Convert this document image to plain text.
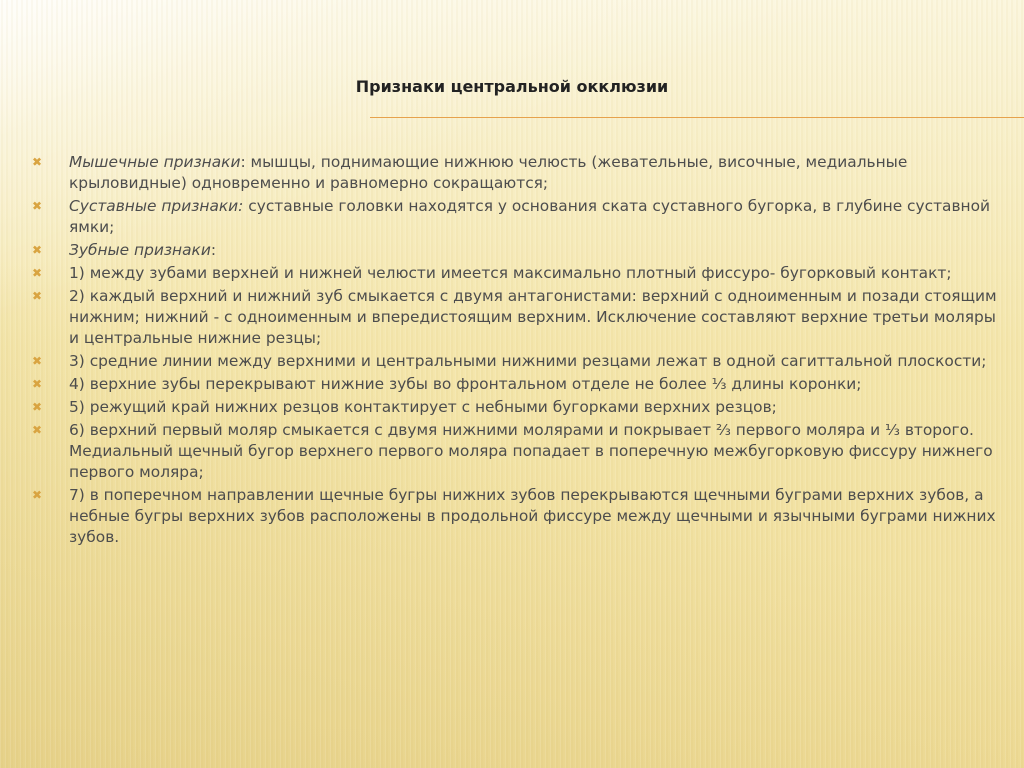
Признаки центральной окклюзии
✖ Мышечные признаки: мышцы, поднимающие нижнюю челюсть (жевательные, височные, медиальные крыловидные) одновременно и равномерно сокращаются;
✖ Суставные признаки: суставные головки находятся у основания ската суставного бугорка, в глубине суставной ямки;
✖ Зубные признаки:
✖ 1) между зубами верхней и нижней челюсти имеется максимально плотный фиссуро- бугорковый контакт;
✖ 2) каждый верхний и нижний зуб смыкается с двумя антагонистами: верхний с одноименным и позади стоящим нижним; нижний - с одноименным и впередистоящим верхним. Исключение составляют верхние третьи моляры и центральные нижние резцы;
✖ 3) средние линии между верхними и центральными нижними резцами лежат в одной сагиттальной плоскости;
✖ 4) верхние зубы перекрывают нижние зубы во фронтальном отделе не более ⅓ длины коронки;
✖ 5) режущий край нижних резцов контактирует с небными бугорками верхних резцов;
✖ 6) верхний первый моляр смыкается с двумя нижними молярами и покрывает ⅔ первого моляра и ⅓ второго. Медиальный щечный бугор верхнего первого моляра попадает в поперечную межбугорковую фиссуру нижнего первого моляра;
✖ 7) в поперечном направлении щечные бугры нижних зубов перекрываются щечными буграми верхних зубов, а небные бугры верхних зубов расположены в продольной фиссуре между щечными и язычными буграми нижних зубов.
